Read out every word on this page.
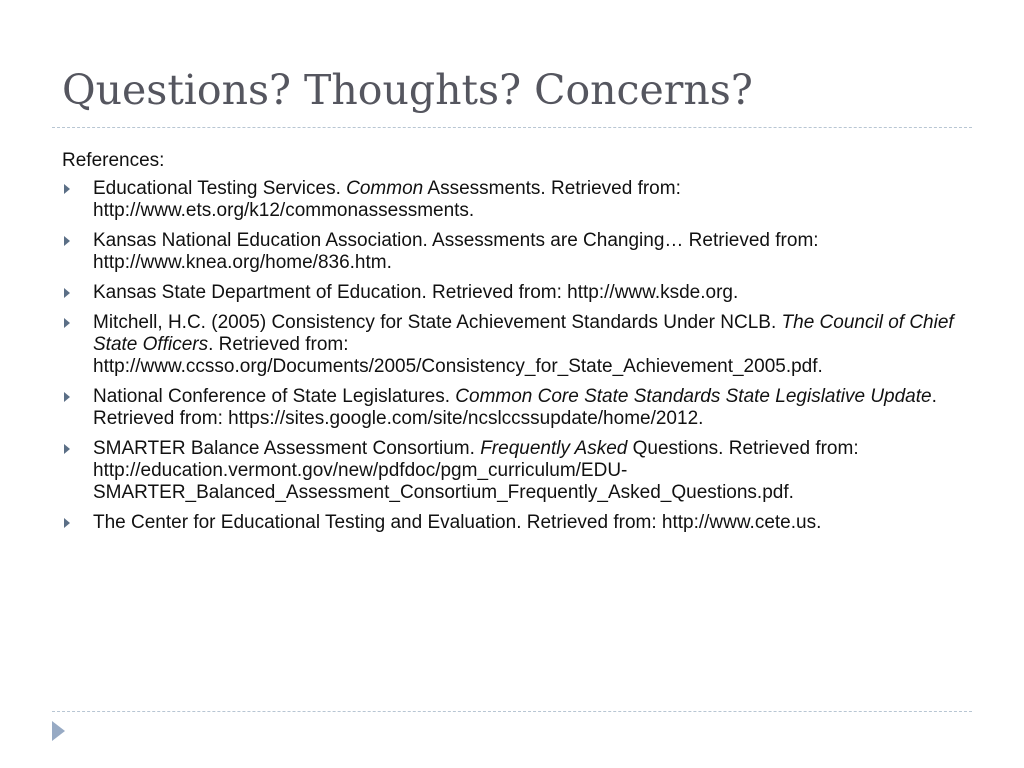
Questions? Thoughts? Concerns?

References:

Educational Testing Services. Common Assessments. Retrieved from: http://www.ets.org/k12/commonassessments.
Kansas National Education Association. Assessments are Changing… Retrieved from: http://www.knea.org/home/836.htm.
Kansas State Department of Education. Retrieved from: http://www.ksde.org.
Mitchell, H.C. (2005) Consistency for State Achievement Standards Under NCLB. The Council of Chief State Officers. Retrieved from: http://www.ccsso.org/Documents/2005/Consistency_for_State_Achievement_2005.pdf.
National Conference of State Legislatures. Common Core State Standards State Legislative Update. Retrieved from: https://sites.google.com/site/ncslccssupdate/home/2012.
SMARTER Balance Assessment Consortium. Frequently Asked Questions. Retrieved from: http://education.vermont.gov/new/pdfdoc/pgm_curriculum/EDU-SMARTER_Balanced_Assessment_Consortium_Frequently_Asked_Questions.pdf.
The Center for Educational Testing and Evaluation. Retrieved from: http://www.cete.us.
